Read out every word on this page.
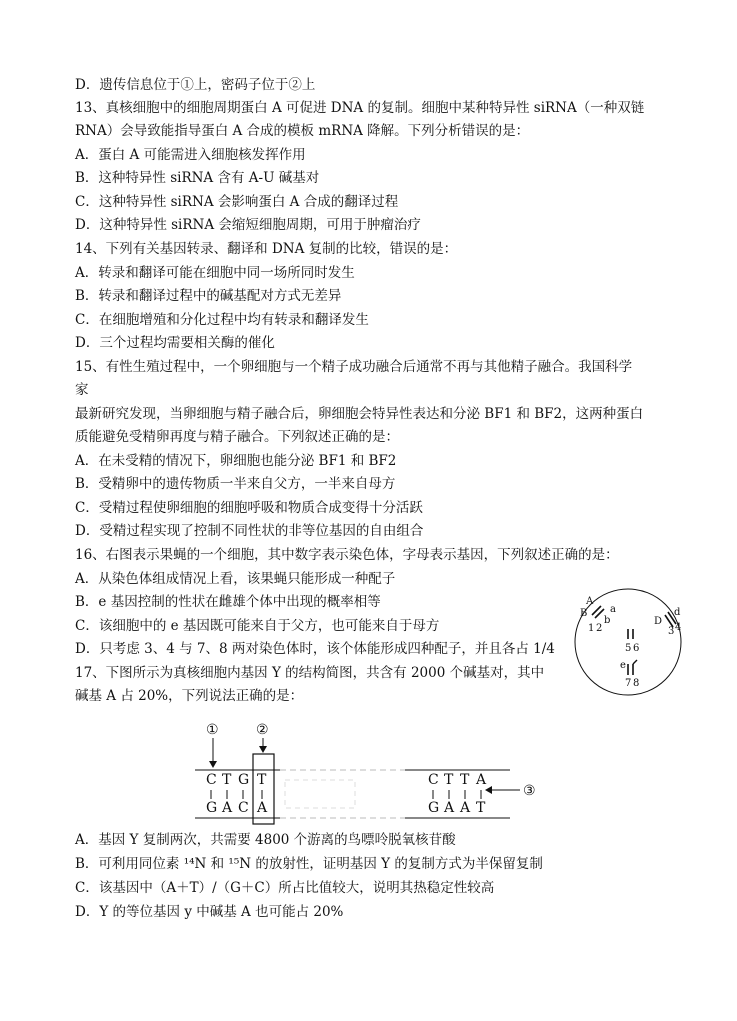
D．遗传信息位于①上，密码子位于②上
13、真核细胞中的细胞周期蛋白 A 可促进 DNA 的复制。细胞中某种特异性 siRNA（一种双链
RNA）会导致能指导蛋白 A 合成的模板 mRNA 降解。下列分析错误的是：
A．蛋白 A 可能需进入细胞核发挥作用
B．这种特异性 siRNA 含有 A-U 碱基对
C．这种特异性 siRNA 会影响蛋白 A 合成的翻译过程
D．这种特异性 siRNA 会缩短细胞周期，可用于肿瘤治疗
14、下列有关基因转录、翻译和 DNA 复制的比较，错误的是：
A．转录和翻译可能在细胞中同一场所同时发生
B．转录和翻译过程中的碱基配对方式无差异
C．在细胞增殖和分化过程中均有转录和翻译发生
D．三个过程均需要相关酶的催化
15、有性生殖过程中，一个卵细胞与一个精子成功融合后通常不再与其他精子融合。我国科学
家
最新研究发现，当卵细胞与精子融合后，卵细胞会特异性表达和分泌 BF1 和 BF2，这两种蛋白
质能避免受精卵再度与精子融合。下列叙述正确的是：
A．在未受精的情况下，卵细胞也能分泌 BF1 和 BF2
B．受精卵中的遗传物质一半来自父方，一半来自母方
C．受精过程使卵细胞的细胞呼吸和物质合成变得十分活跃
D．受精过程实现了控制不同性状的非等位基因的自由组合
16、右图表示果蝇的一个细胞，其中数字表示染色体，字母表示基因，下列叙述正确的是：
A．从染色体组成情况上看，该果蝇只能形成一种配子
B．e 基因控制的性状在雌雄个体中出现的概率相等
C．该细胞中的 e 基因既可能来自于父方，也可能来自于母方
D．只考虑 3、4 与 7、8 两对染色体时，该个体能形成四种配子，并且各占 1/4
17、下图所示为真核细胞内基因 Y 的结构简图，共含有 2000 个碱基对，其中
碱基 A 占 20%，下列说法正确的是：
A．基因 Y 复制两次，共需要 4800 个游离的鸟嘌呤脱氧核苷酸
B．可利用同位素 ¹⁴N 和 ¹⁵N 的放射性，证明基因 Y 的复制方式为半保留复制
C．该基因中（A＋T）/（G＋C）所占比值较大，说明其热稳定性较高
D．Y 的等位基因 y 中碱基 A 也可能占 20%
A
B a
b	D
d
e
1 2	3 4
5 6
7 8
①	②
C T G T
G A C A
C T T A
G A A T
③
